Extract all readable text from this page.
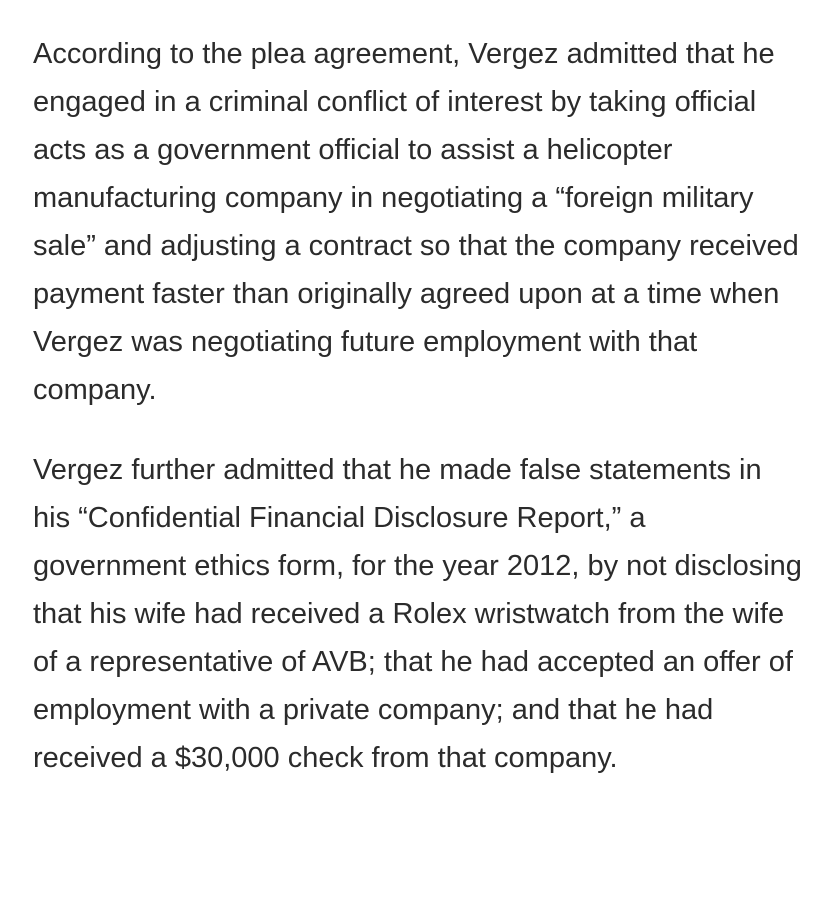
According to the plea agreement, Vergez admitted that he engaged in a criminal conflict of interest by taking official acts as a government official to assist a helicopter manufacturing company in negotiating a “foreign military sale” and adjusting a contract so that the company received payment faster than originally agreed upon at a time when Vergez was negotiating future employment with that company.

Vergez further admitted that he made false statements in his “Confidential Financial Disclosure Report,” a government ethics form, for the year 2012, by not disclosing that his wife had received a Rolex wristwatch from the wife of a representative of AVB; that he had accepted an offer of employment with a private company; and that he had received a $30,000 check from that company.
